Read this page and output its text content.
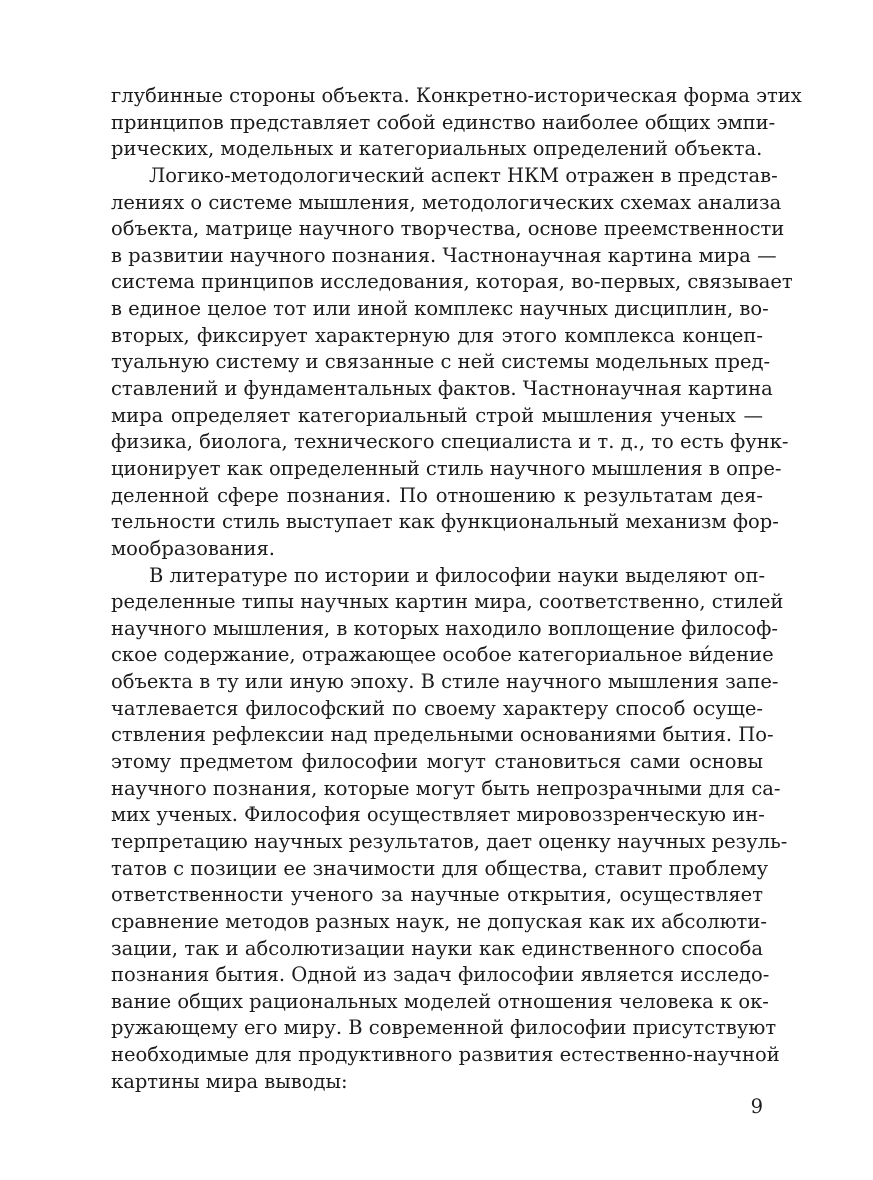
глубинные стороны объекта. Конкретно-историческая форма этих
принципов представляет собой единство наиболее общих эмпи-
рических, модельных и категориальных определений объекта.
Логико-методологический аспект НКМ отражен в представ-
лениях о системе мышления, методологических схемах анализа
объекта, матрице научного творчества, основе преемственности
в развитии научного познания. Частнонаучная картина мира —
система принципов исследования, которая, во-первых, связывает
в единое целое тот или иной комплекс научных дисциплин, во-
вторых, фиксирует характерную для этого комплекса концеп-
туальную систему и связанные с ней системы модельных пред-
ставлений и фундаментальных фактов. Частнонаучная картина
мира определяет категориальный строй мышления ученых —
физика, биолога, технического специалиста и т. д., то есть функ-
ционирует как определенный стиль научного мышления в опре-
деленной сфере познания. По отношению к результатам дея-
тельности стиль выступает как функциональный механизм фор-
мообразования.
В литературе по истории и философии науки выделяют оп-
ределенные типы научных картин мира, соответственно, стилей
научного мышления, в которых находило воплощение философ-
ское содержание, отражающее особое категориальное ви́дение
объекта в ту или иную эпоху. В стиле научного мышления запе-
чатлевается философский по своему характеру способ осуще-
ствления рефлексии над предельными основаниями бытия. По-
этому предметом философии могут становиться сами основы
научного познания, которые могут быть непрозрачными для са-
мих ученых. Философия осуществляет мировоззренческую ин-
терпретацию научных результатов, дает оценку научных резуль-
татов с позиции ее значимости для общества, ставит проблему
ответственности ученого за научные открытия, осуществляет
сравнение методов разных наук, не допуская как их абсолюти-
зации, так и абсолютизации науки как единственного способа
познания бытия. Одной из задач философии является исследо-
вание общих рациональных моделей отношения человека к ок-
ружающему его миру. В современной философии присутствуют
необходимые для продуктивного развития естественно-научной
картины мира выводы:
9
